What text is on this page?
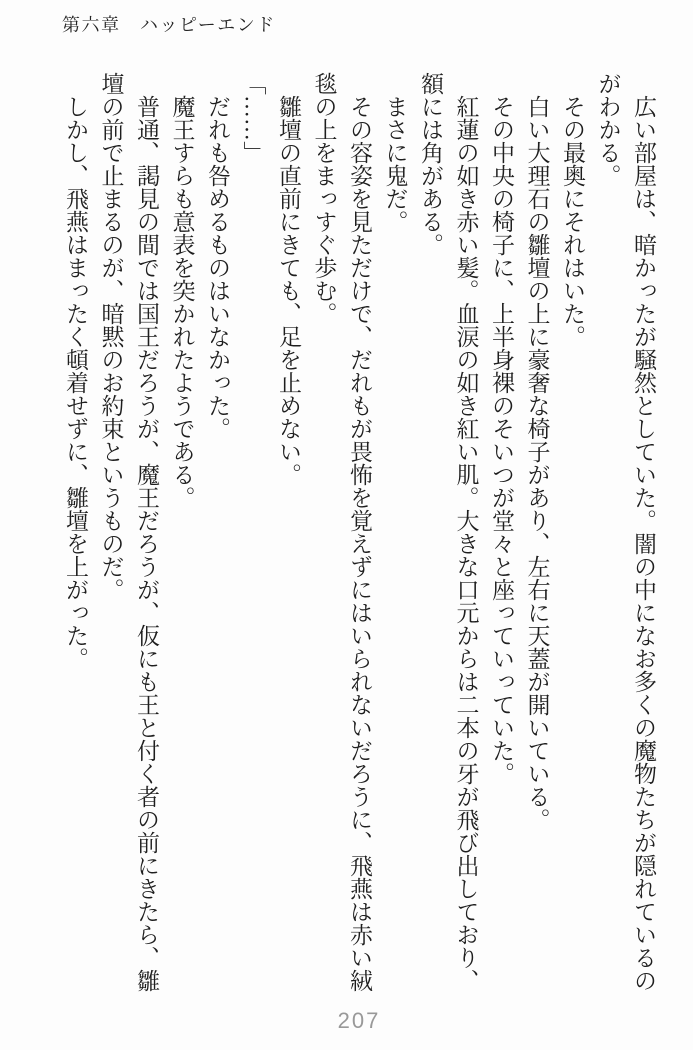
第六章　ハッピーエンド

広い部屋は、暗かったが騒然としていた。闇の中になお多くの魔物たちが隠れているのがわかる。

その最奥にそれはいた。

白い大理石の雛壇の上に豪奢な椅子があり、左右に天蓋が開いている。

その中央の椅子に、上半身裸のそいつが堂々と座っていっていた。

紅蓮の如き赤い髪。血涙の如き紅い肌。大きな口元からは二本の牙が飛び出しており、額には角がある。

まさに鬼だ。

その容姿を見ただけで、だれもが畏怖を覚えずにはいられないだろうに、飛燕は赤い絨毯の上をまっすぐ歩む。

雛壇の直前にきても、足を止めない。

「……」

だれも咎めるものはいなかった。

魔王すらも意表を突かれたようである。

普通、謁見の間では国王だろうが、魔王だろうが、仮にも王と付く者の前にきたら、雛壇の前で止まるのが、暗黙のお約束というものだ。

しかし、飛燕はまったく頓着せずに、雛壇を上がった。

207
